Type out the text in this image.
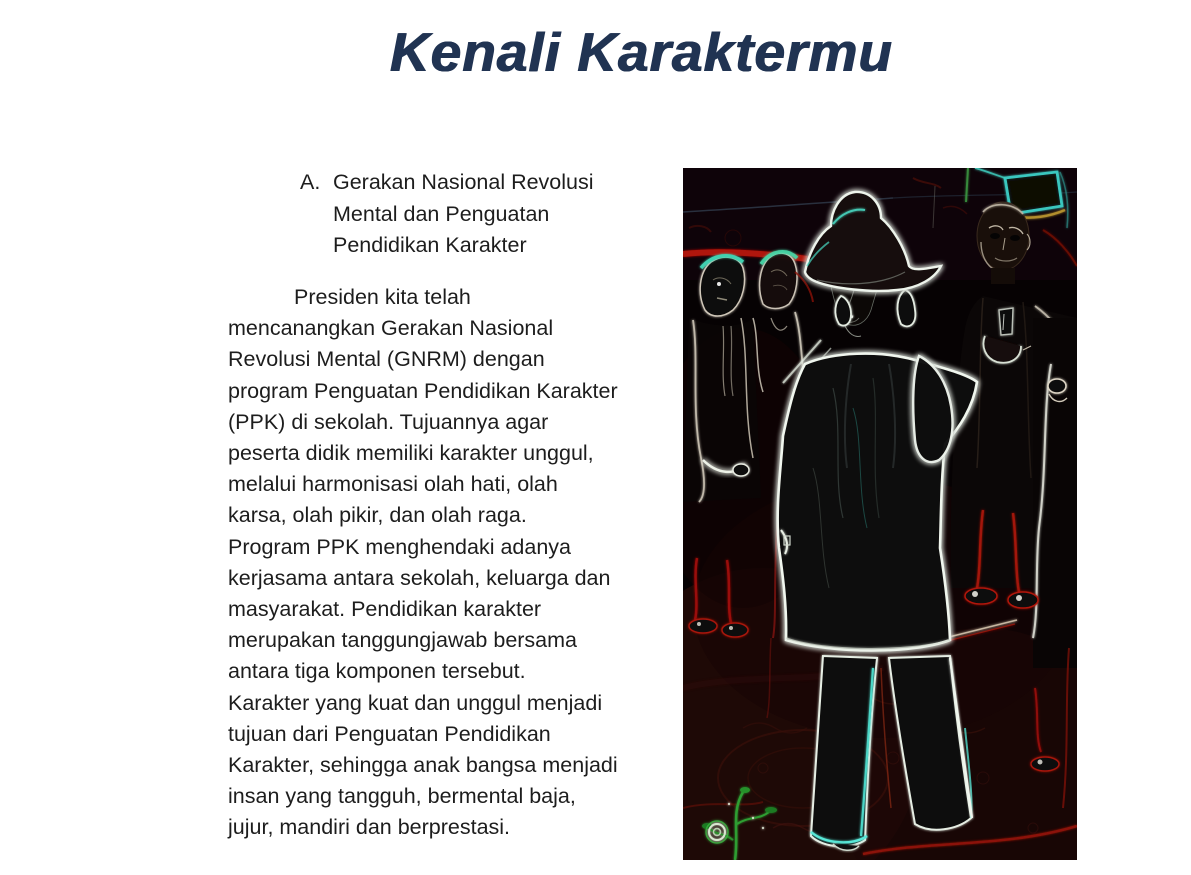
Kenali Karaktermu
A. Gerakan Nasional Revolusi Mental dan Penguatan Pendidikan Karakter
Presiden kita telah
mencanangkan Gerakan Nasional
Revolusi Mental (GNRM) dengan
program Penguatan Pendidikan Karakter
(PPK) di sekolah. Tujuannya agar
peserta didik memiliki karakter unggul,
melalui harmonisasi olah hati, olah
karsa, olah pikir, dan olah raga.
Program PPK menghendaki adanya
kerjasama antara sekolah, keluarga dan
masyarakat. Pendidikan karakter
merupakan tanggungjawab bersama
antara tiga komponen tersebut.
Karakter yang kuat dan unggul menjadi
tujuan dari Penguatan Pendidikan
Karakter, sehingga anak bangsa menjadi
insan yang tangguh, bermental baja,
jujur, mandiri dan berprestasi.
